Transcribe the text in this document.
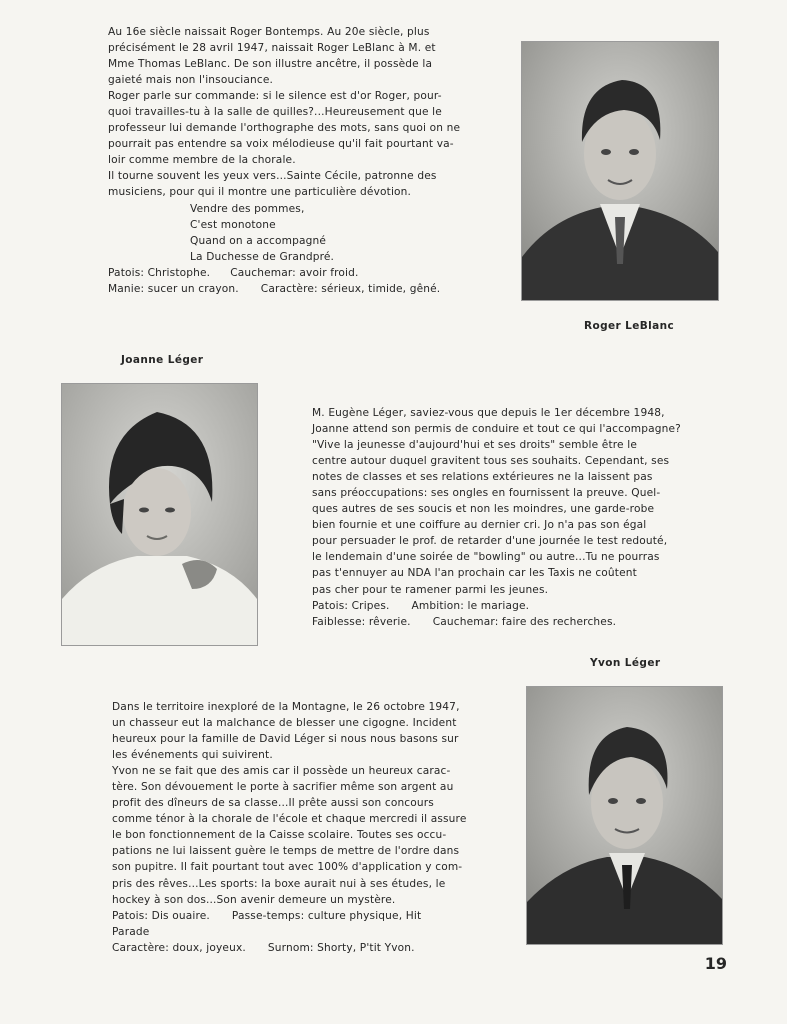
Au 16e siècle naissait Roger Bontemps. Au 20e siècle, plus

précisément le 28 avril 1947, naissait Roger LeBlanc à M. et

Mme Thomas LeBlanc. De son illustre ancêtre, il possède la

gaieté mais non l'insouciance.

Roger parle sur commande: si le silence est d'or Roger, pour-

quoi travailles-tu à la salle de quilles?...Heureusement que le

professeur lui demande l'orthographe des mots, sans quoi on ne

pourrait pas entendre sa voix mélodieuse qu'il fait pourtant va-

loir comme membre de la chorale.

Il tourne souvent les yeux vers...Sainte Cécile, patronne des

musiciens, pour qui il montre une particulière dévotion.

Vendre des pommes,

C'est monotone

Quand on a accompagné

La Duchesse de Grandpré.

Patois: Christophe. Cauchemar: avoir froid.

Manie: sucer un crayon. Caractère: sérieux, timide, gêné.

Roger LeBlanc
Joanne Léger

M. Eugène Léger, saviez-vous que depuis le 1er décembre 1948,

Joanne attend son permis de conduire et tout ce qui l'accompagne?

"Vive la jeunesse d'aujourd'hui et ses droits" semble être le

centre autour duquel gravitent tous ses souhaits. Cependant, ses

notes de classes et ses relations extérieures ne la laissent pas

sans préoccupations: ses ongles en fournissent la preuve. Quel-

ques autres de ses soucis et non les moindres, une garde-robe

bien fournie et une coiffure au dernier cri. Jo n'a pas son égal

pour persuader le prof. de retarder d'une journée le test redouté,

le lendemain d'une soirée de "bowling" ou autre...Tu ne pourras

pas t'ennuyer au NDA l'an prochain car les Taxis ne coûtent

pas cher pour te ramener parmi les jeunes.

Patois: Cripes. Ambition: le mariage.

Faiblesse: rêverie. Cauchemar: faire des recherches.

Yvon Léger

Dans le territoire inexploré de la Montagne, le 26 octobre 1947,

un chasseur eut la malchance de blesser une cigogne. Incident

heureux pour la famille de David Léger si nous nous basons sur

les événements qui suivirent.

Yvon ne se fait que des amis car il possède un heureux carac-

tère. Son dévouement le porte à sacrifier même son argent au

profit des dîneurs de sa classe...Il prête aussi son concours

comme ténor à la chorale de l'école et chaque mercredi il assure

le bon fonctionnement de la Caisse scolaire. Toutes ses occu-

pations ne lui laissent guère le temps de mettre de l'ordre dans

son pupitre. Il fait pourtant tout avec 100% d'application y com-

pris des rêves...Les sports: la boxe aurait nui à ses études, le

hockey à son dos...Son avenir demeure un mystère.

Patois: Dis ouaire. Passe-temps: culture physique, Hit

Parade

Caractère: doux, joyeux. Surnom: Shorty, P'tit Yvon.

19
